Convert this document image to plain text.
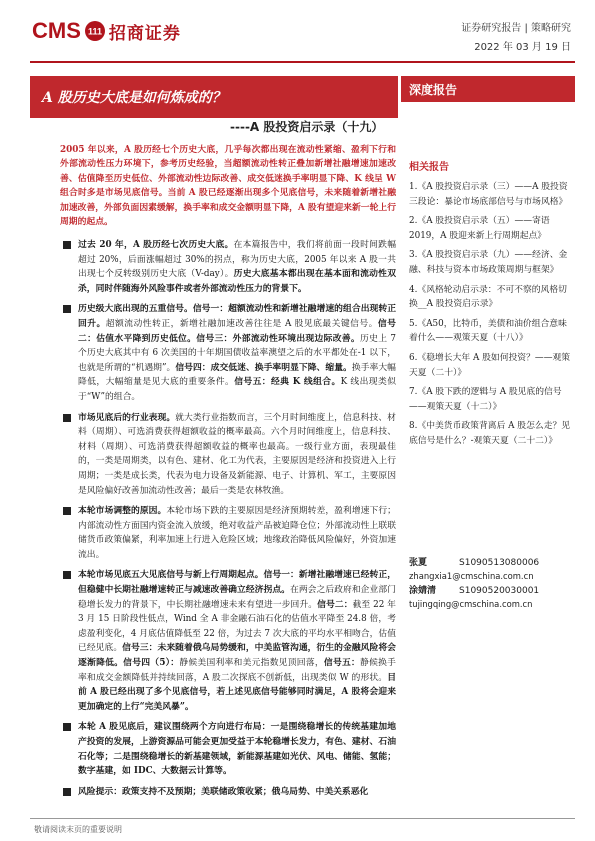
CMS 111 招商证券	证券研究报告 | 策略研究
2022 年 03 月 19 日
A 股历史大底是如何炼成的？	深度报告
----A 股投资启示录（十九）
2005 年以来，A 股历经七个历史大底，几乎每次都出现在流动性紧缩、盈利下行和外部流动性压力环境下，参考历史经验，当超额流动性转正叠加新增社融增速加速改善、估值降至历史低位、外部流动性边际改善、成交低迷换手率明显下降、K 线呈 W 组合时多是市场见底信号。当前 A 股已经逐渐出现多个见底信号，未来随着新增社融加速改善，外部负面因素缓解，换手率和成交金额明显下降，A 股有望迎来新一轮上行周期的起点。
过去 20 年，A 股历经七次历史大底。在本篇报告中，我们将前面一段时间跌幅超过 20%，后面涨幅超过 30%的拐点，称为历史大底，2005 年以来 A 股一共出现七个反转级别历史大底（V-day）。历史大底基本都出现在基本面和流动性双杀，同时伴随海外风险事件或者外部流动性压力的背景下。
历史级大底出现的五重信号。信号一：超额流动性和新增社融增速的组合出现转正回升。超额流动性转正，新增社融加速改善往往是 A 股见底最关键信号。信号二：估值水平降到历史低位。信号三：外部流动性环境出现边际改善。历史上 7 个历史大底其中有 6 次美国的十年期国债收益率澳望之后的水平都处在-1 以下，也就是所谓的“机遇期”。信号四：成交低迷、换手率明显下降、缩量。换手率大幅降低，大幅缩量是见大底的重要条件。信号五：经典 K 线组合。K 线出现类似于“W”的组合。
市场见底后的行业表现。就大类行业指数而言，三个月时间维度上，信息科技、材料（周期）、可选消费获得超额收益的概率最高。六个月时间维度上，信息科技、材料（周期）、可选消费获得超额收益的概率也最高。一级行业方面，表现最佳的，一类是周期类，以有色、建材、化工为代表，主要原因是经济和投资进入上行周期；一类是成长类，代表为电力设备及新能源、电子、计算机、军工，主要原因是风险偏好改善加流动性改善；最后一类是农林牧渔。
本轮市场调整的原因。本轮市场下跌的主要原因是经济预期转差，盈利增速下行；内部流动性方面国内资金流入放缓，绝对收益产品被迫降仓位；外部流动性上联联储货币政策偏紧，利率加速上行进入危险区域；地缘政治降低风险偏好，外资加速流出。
本轮市场见底五大见底信号与新上行周期起点。信号一：新增社融增速已经转正，但稳健中长期社融增速转正与减速改善确立经济拐点。在两会之后政府和企业部门稳增长发力的背景下，中长期社融增速未来有望进一步回升。信号二：截至 22 年 3 月 15 日阶段性低点，Wind 全 A 非金融石油石化的估值水平降至 24.8 倍，考虑盈利变化，4 月底估值降低至 22 倍，为过去 7 次大底的平均水平相吻合，估值已经见底。信号三：未来随着俄乌局势缓和，中美监管沟通，衍生的金融风险将会逐渐降低。信号四（5）：静候美国利率和美元指数见顶回落，信号五：静候换手率和成交金额降低并持续回落，A 股二次探底不创新低，出现类似 W 的形状。目前 A 股已经出现了多个见底信号，若上述见底信号能够同时满足，A 股将会迎来更加确定的上行“完美风暴”。
本轮 A 股见底后，建议围绕两个方向进行布局：一是围绕稳增长的传统基建加地产投资的发展，上游资源品可能会更加受益于本轮稳增长发力，有色、建材、石油石化等；二是围绕稳增长的新基建领域，新能源基建如光伏、风电、储能、氢能；数字基建，如 IDC、大数据云计算等。
风险提示：政策支持不及预期；美联储政策收紧；俄乌局势、中美关系恶化
相关报告
1.《A 股投资启示录（三）——A 股投资三段论：暴论市场底部信号与市场风格》
2.《A 股投资启示录（五）——寄语 2019，A 股迎来新上行周期起点》
3.《A 股投资启示录（九）——经济、金融、科技与资本市场政策周期与框架》
4.《风格轮动启示录：不可不察的风格切换__A 股投资启示录》
5.《A50，比特币，美债和油价组合意味着什么——观策天夏（十八）》
6.《稳增长大年 A 股如何投资？——观策天夏（二十）》
7.《A 股下跌的逻辑与 A 股见底的信号——观策天夏（十二）》
8.《中美货币政策背离后 A 股怎么走？见底信号是什么？-观策天夏（二十二）》
张夏	S1090513080006
zhangxia1@cmschina.com.cn
涂婧清	S1090520030001
tujingqing@cmschina.com.cn
敬请阅读末页的重要说明
